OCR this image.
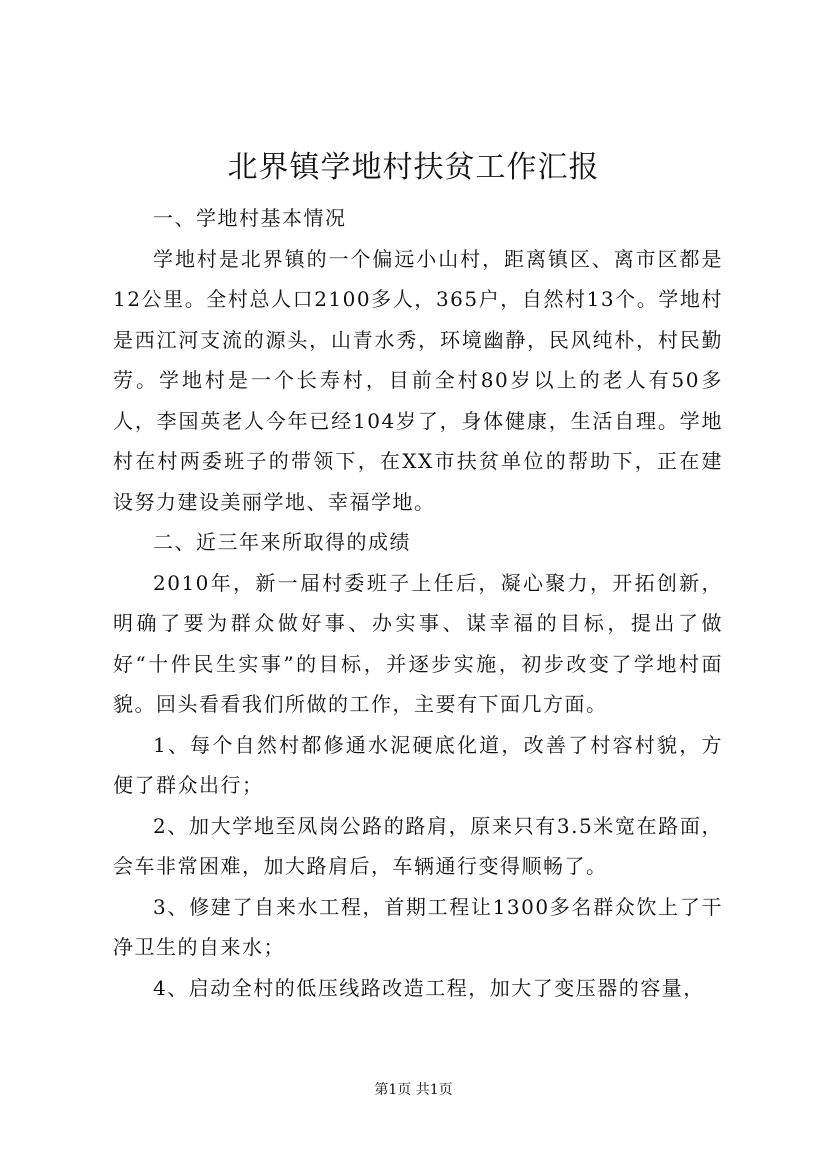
北界镇学地村扶贫工作汇报

一、学地村基本情况

学地村是北界镇的一个偏远小山村，距离镇区、离市区都是12公里。全村总人口2100多人，365户，自然村13个。学地村是西江河支流的源头，山青水秀，环境幽静，民风纯朴，村民勤劳。学地村是一个长寿村，目前全村80岁以上的老人有50多人，李国英老人今年已经104岁了，身体健康，生活自理。学地村在村两委班子的带领下，在XX市扶贫单位的帮助下，正在建设努力建设美丽学地、幸福学地。

二、近三年来所取得的成绩

2010年，新一届村委班子上任后，凝心聚力，开拓创新，明确了要为群众做好事、办实事、谋幸福的目标，提出了做好“十件民生实事”的目标，并逐步实施，初步改变了学地村面貌。回头看看我们所做的工作，主要有下面几方面。

1、每个自然村都修通水泥硬底化道，改善了村容村貌，方便了群众出行；

2、加大学地至凤岗公路的路肩，原来只有3.5米宽在路面，会车非常困难，加大路肩后，车辆通行变得顺畅了。

3、修建了自来水工程，首期工程让1300多名群众饮上了干净卫生的自来水；

4、启动全村的低压线路改造工程，加大了变压器的容量，

第1页 共1页
